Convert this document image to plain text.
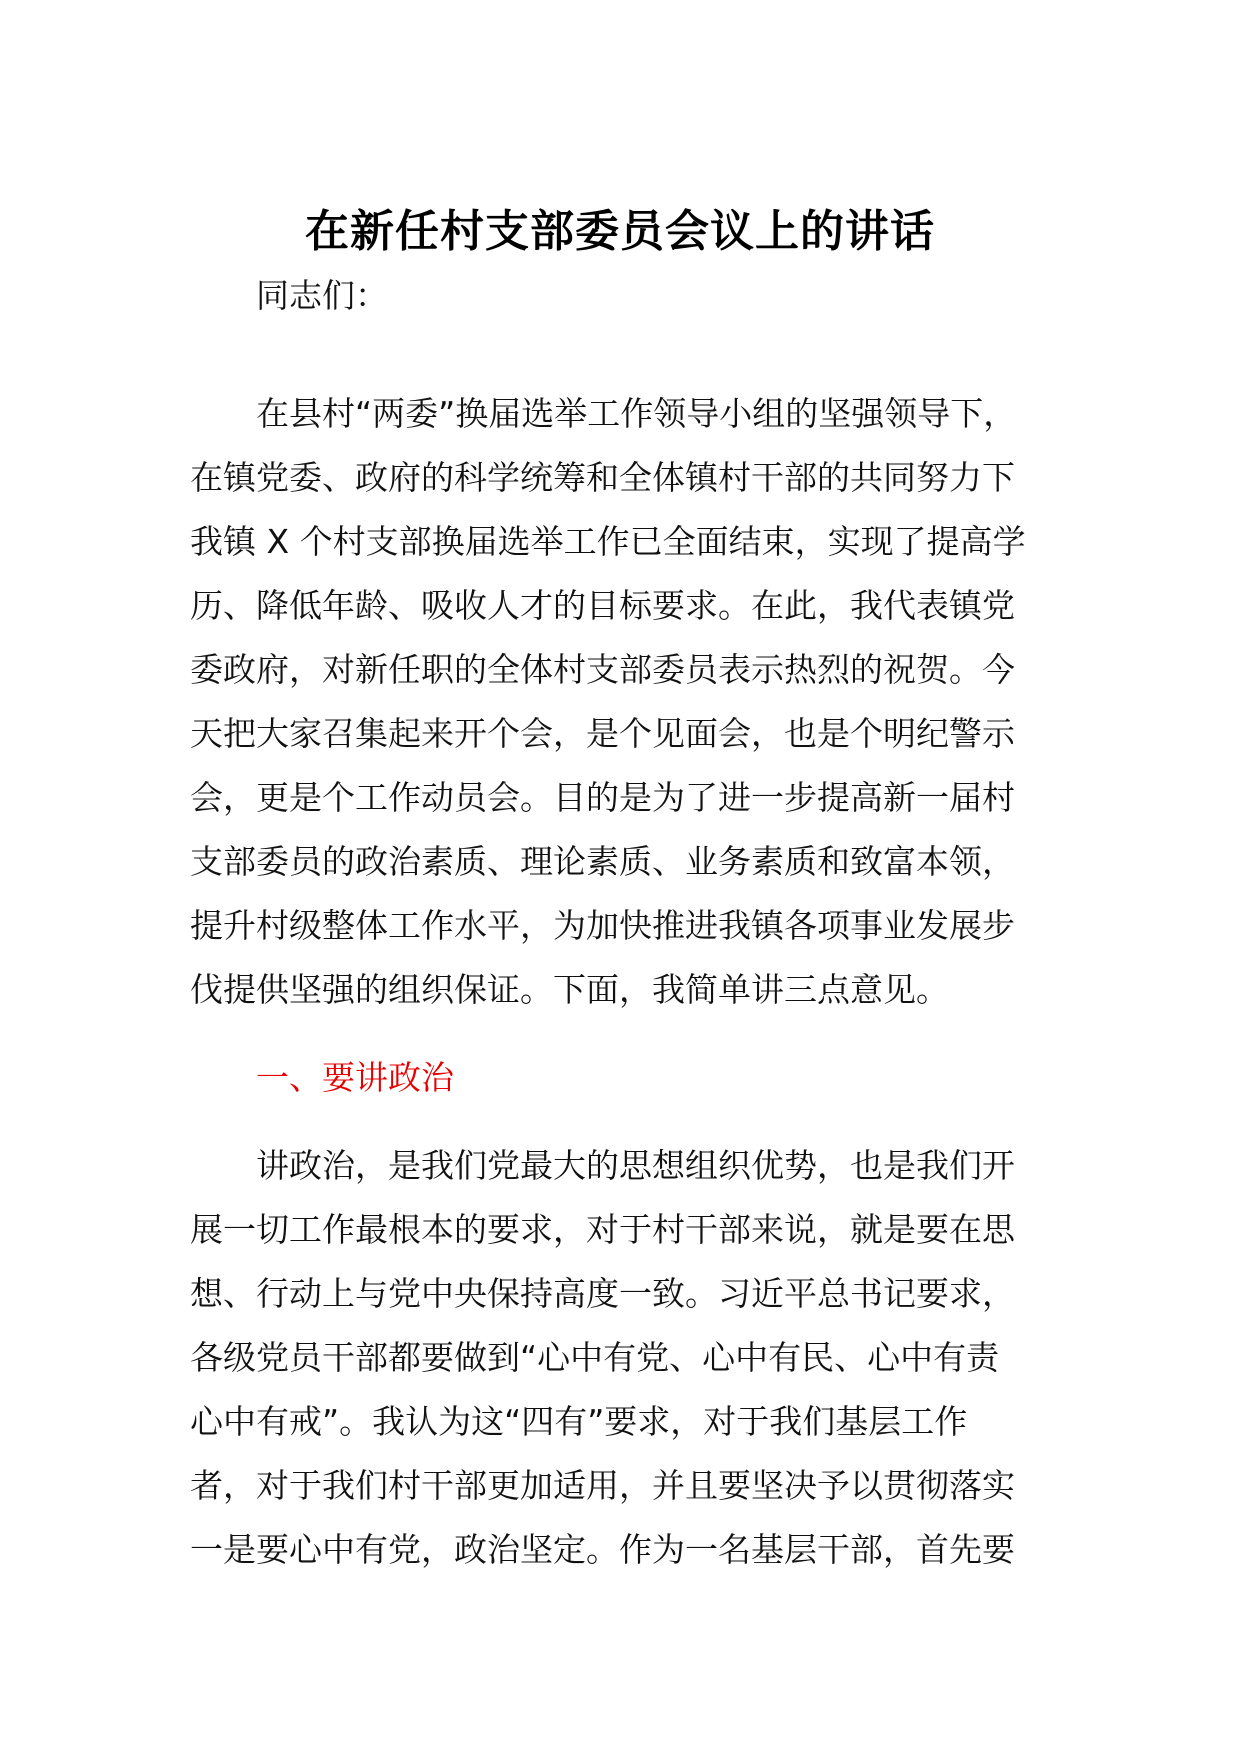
在新任村支部委员会议上的讲话
同志们：
在县村“两委”换届选举工作领导小组的坚强领导下，
在镇党委、政府的科学统筹和全体镇村干部的共同努力下
我镇 X 个村支部换届选举工作已全面结束，实现了提高学
历、降低年龄、吸收人才的目标要求。在此，我代表镇党
委政府，对新任职的全体村支部委员表示热烈的祝贺。今
天把大家召集起来开个会，是个见面会，也是个明纪警示
会，更是个工作动员会。目的是为了进一步提高新一届村
支部委员的政治素质、理论素质、业务素质和致富本领，
提升村级整体工作水平，为加快推进我镇各项事业发展步
伐提供坚强的组织保证。下面，我简单讲三点意见。
一、要讲政治
讲政治，是我们党最大的思想组织优势，也是我们开
展一切工作最根本的要求，对于村干部来说，就是要在思
想、行动上与党中央保持高度一致。习近平总书记要求，
各级党员干部都要做到“心中有党、心中有民、心中有责
心中有戒”。我认为这“四有”要求，对于我们基层工作
者，对于我们村干部更加适用，并且要坚决予以贯彻落实
一是要心中有党，政治坚定。作为一名基层干部，首先要
